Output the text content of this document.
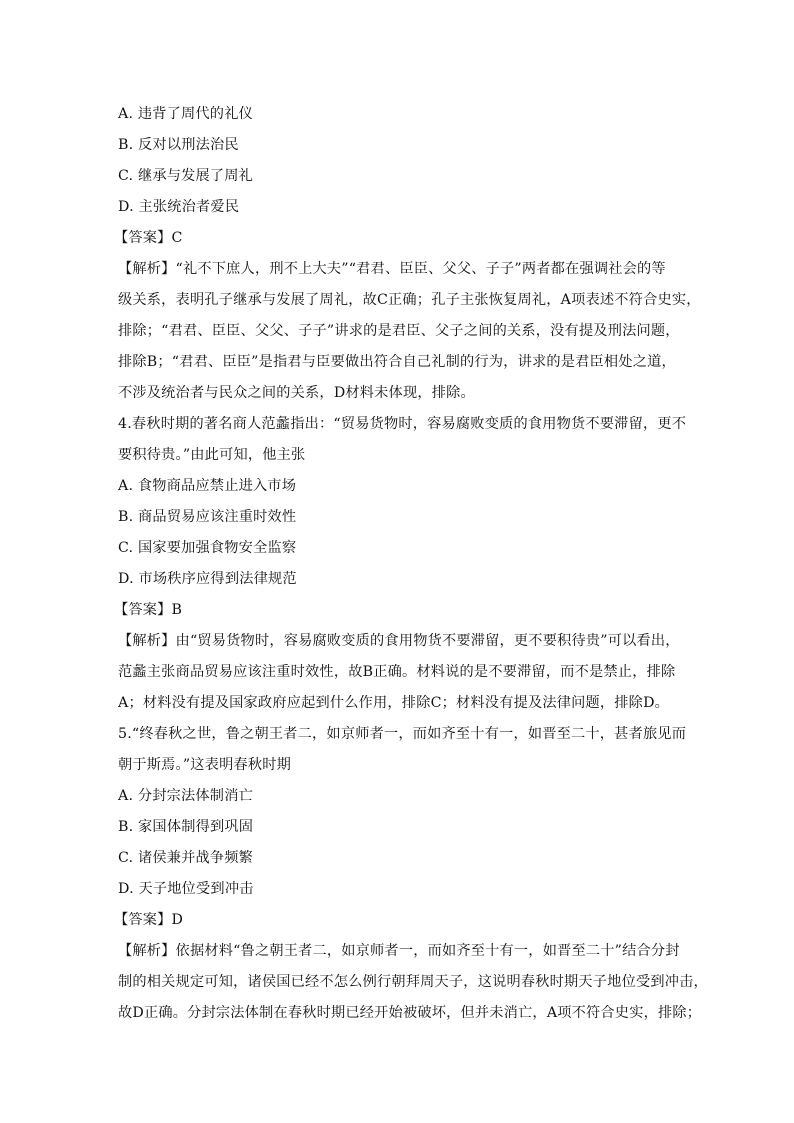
A. 违背了周代的礼仪
B. 反对以刑法治民
C. 继承与发展了周礼
D. 主张统治者爱民
【答案】C
【解析】“礼不下庶人，刑不上大夫”“君君、臣臣、父父、子子”两者都在强调社会的等
级关系，表明孔子继承与发展了周礼，故C正确；孔子主张恢复周礼，A项表述不符合史实，
排除；“君君、臣臣、父父、子子”讲求的是君臣、父子之间的关系，没有提及刑法问题，
排除B；“君君、臣臣”是指君与臣要做出符合自己礼制的行为，讲求的是君臣相处之道，
不涉及统治者与民众之间的关系，D材料未体现，排除。
4.春秋时期的著名商人范蠡指出：“贸易货物时，容易腐败变质的食用物货不要滞留，更不
要积待贵。”由此可知，他主张
A. 食物商品应禁止进入市场
B. 商品贸易应该注重时效性
C. 国家要加强食物安全监察
D. 市场秩序应得到法律规范
【答案】B
【解析】由“贸易货物时，容易腐败变质的食用物货不要滞留，更不要积待贵”可以看出，
范蠡主张商品贸易应该注重时效性，故B正确。材料说的是不要滞留，而不是禁止，排除
A；材料没有提及国家政府应起到什么作用，排除C；材料没有提及法律问题，排除D。
5.“终春秋之世，鲁之朝王者二，如京师者一，而如齐至十有一，如晋至二十，甚者旅见而
朝于斯焉。”这表明春秋时期
A. 分封宗法体制消亡
B. 家国体制得到巩固
C. 诸侯兼并战争频繁
D. 天子地位受到冲击
【答案】D
【解析】依据材料“鲁之朝王者二，如京师者一，而如齐至十有一，如晋至二十”结合分封
制的相关规定可知，诸侯国已经不怎么例行朝拜周天子，这说明春秋时期天子地位受到冲击，
故D正确。分封宗法体制在春秋时期已经开始被破坏，但并未消亡，A项不符合史实，排除；
